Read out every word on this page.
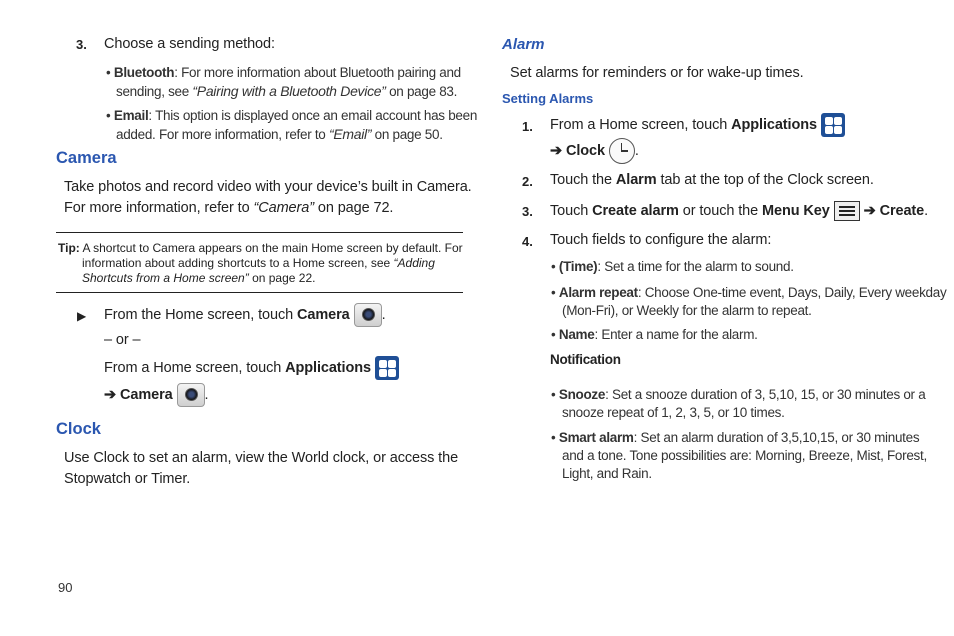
3. Choose a sending method:
• Bluetooth: For more information about Bluetooth pairing and
sending, see “Pairing with a Bluetooth Device” on page 83.
• Email: This option is displayed once an email account has been
added. For more information, refer to “Email” on page 50.
Camera
Take photos and record video with your device’s built in Camera.
For more information, refer to “Camera” on page 72.
Tip: A shortcut to Camera appears on the main Home screen by default. For
information about adding shortcuts to a Home screen, see “Adding
Shortcuts from a Home screen” on page 22.
▶ From the Home screen, touch Camera .
– or –
From a Home screen, touch Applications
➔ Camera .
Clock
Use Clock to set an alarm, view the World clock, or access the
Stopwatch or Timer.
Alarm
Set alarms for reminders or for wake-up times.
Setting Alarms
1. From a Home screen, touch Applications
➔ Clock .
2. Touch the Alarm tab at the top of the Clock screen.
3. Touch Create alarm or touch the Menu Key ➔ Create.
4. Touch fields to configure the alarm:
• (Time): Set a time for the alarm to sound.
• Alarm repeat: Choose One-time event, Days, Daily, Every weekday
(Mon-Fri), or Weekly for the alarm to repeat.
• Name: Enter a name for the alarm.
Notification
• Snooze: Set a snooze duration of 3, 5,10, 15, or 30 minutes or a
snooze repeat of 1, 2, 3, 5, or 10 times.
• Smart alarm: Set an alarm duration of 3,5,10,15, or 30 minutes
and a tone. Tone possibilities are: Morning, Breeze, Mist, Forest,
Light, and Rain.
90
